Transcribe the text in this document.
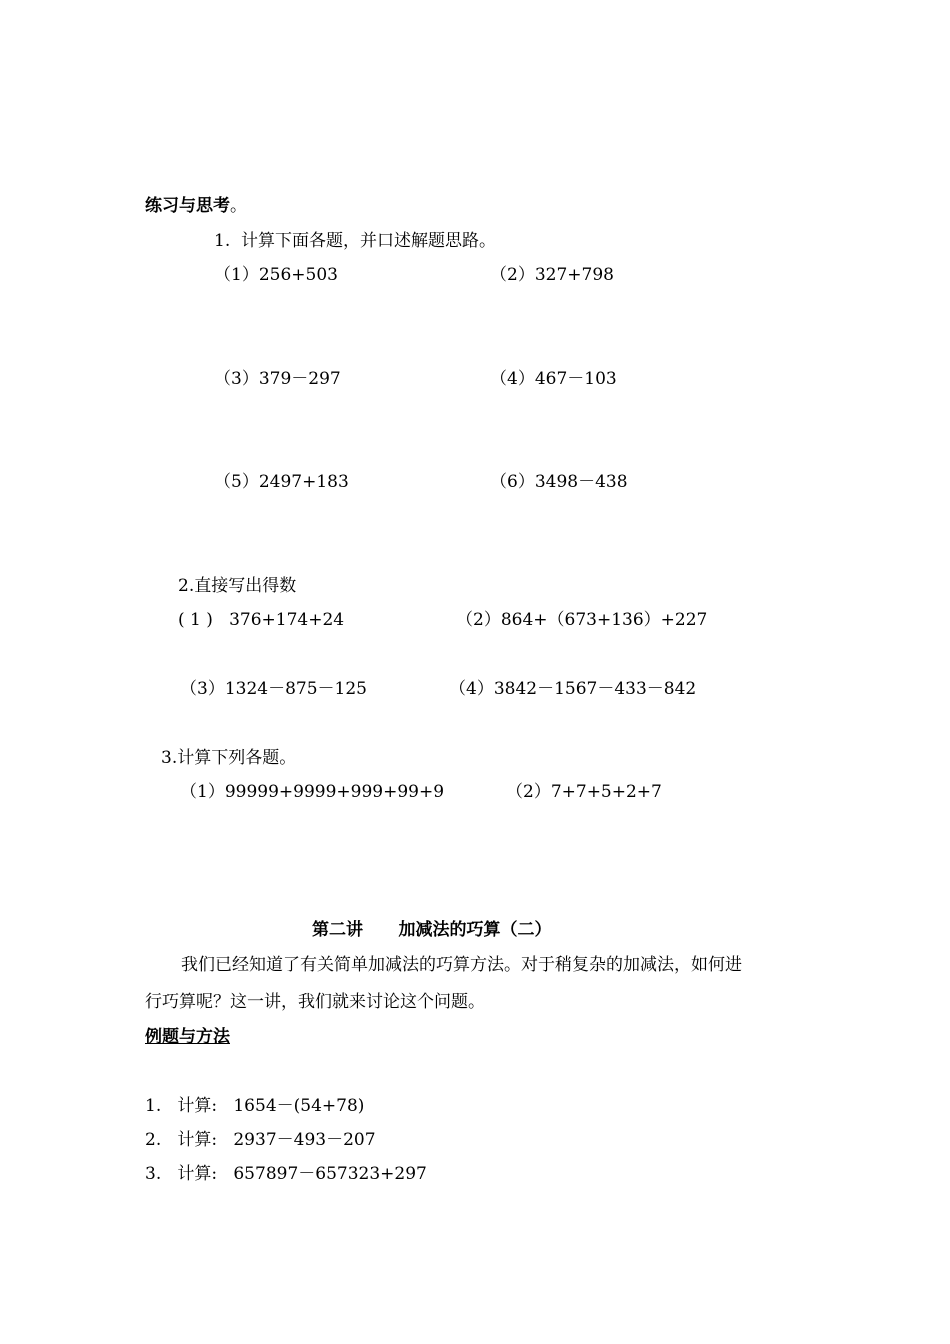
练习与思考。
1.  计算下面各题，并口述解题思路。
（1）256+503	（2）327+798
（3）379－297	（4）467－103
（5）2497+183	（6）3498－438
2.直接写出得数
( 1 )   376+174+24	（2）864+（673+136）+227
（3）1324－875－125	（4）3842－1567－433－842
3.计算下列各题。
（1）99999+9999+999+99+9	（2）7+7+5+2+7
第二讲      加减法的巧算（二）
我们已经知道了有关简单加减法的巧算方法。对于稍复杂的加减法，如何进
行巧算呢？这一讲，我们就来讨论这个问题。
例题与方法
1.   计算:   1654－(54+78)
2.   计算:   2937－493－207
3.   计算:   657897－657323+297
